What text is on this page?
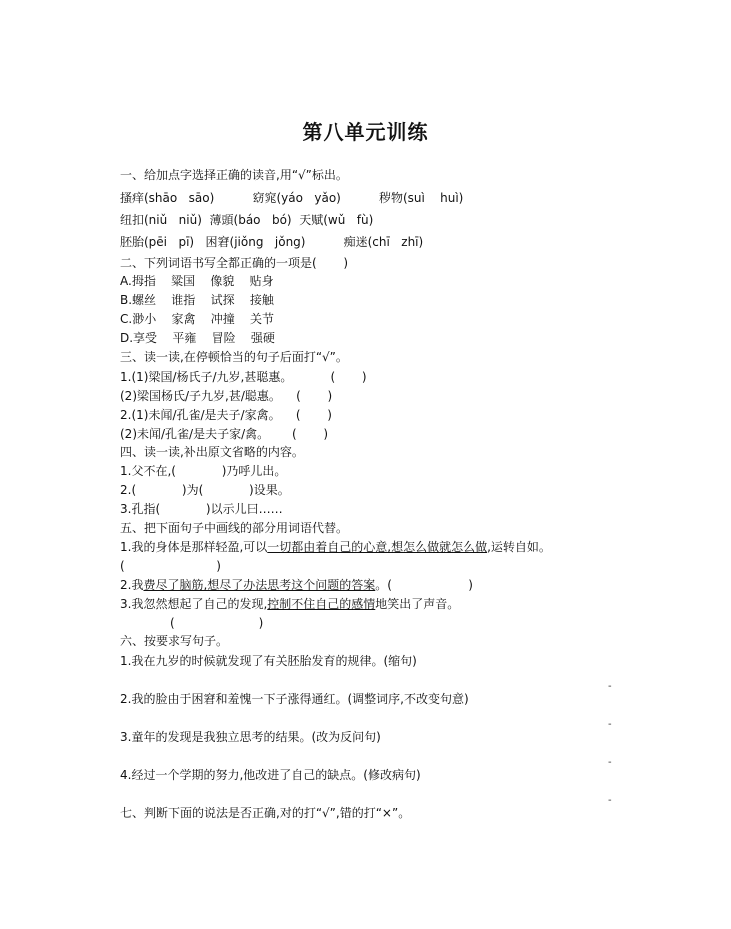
第八单元训练
一、给加点字选择正确的读音,用“√”标出。
搔痒(shāo   sāo)          窈窕(yáo   yǎo)          秽物(suì    huì)
纽扣(niǔ   niǔ)  薄頭(báo   bó)  天赋(wǔ   fù)
胚胎(pēi   pī)   困窘(jiǒng   jǒng)          痴迷(chī   zhī)
二、下列词语书写全都正确的一项是(       )
A.拇指    粱国    像貌    贴身
B.螺丝    谁指    试探    接触
C.渺小    家禽    冲撞    关节
D.享受    平雍    冒险    强硬
三、读一读,在停顿恰当的句子后面打“√”。
1.(1)梁国/杨氏子/九岁,甚聪惠。          (       )
(2)梁国杨氏/子九岁,甚/聪惠。    (       )
2.(1)未闻/孔雀/是夫子/家禽。    (       )
(2)未闻/孔雀/是夫子家/禽。      (       )
四、读一读,补出原文省略的内容。
1.父不在,(            )乃呼儿出。
2.(            )为(            )设果。
3.孔指(            )以示儿曰……
五、把下面句子中画线的部分用词语代替。
1.我的身体是那样轻盈,可以一切都由着自己的心意,想怎么做就怎么做,运转自如。
(                        )
2.我费尽了脑筋,想尽了办法思考这个问题的答案。(                    )
3.我忽然想起了自己的发现,控制不住自己的感情地笑出了声音。
(                      )
六、按要求写句子。
1.我在九岁的时候就发现了有关胚胎发育的规律。(缩句)
-
2.我的脸由于困窘和羞愧一下子涨得通红。(调整词序,不改变句意)
-
3.童年的发现是我独立思考的结果。(改为反问句)
-
4.经过一个学期的努力,他改进了自己的缺点。(修改病句)
-
七、判断下面的说法是否正确,对的打“√”,错的打“×”。
